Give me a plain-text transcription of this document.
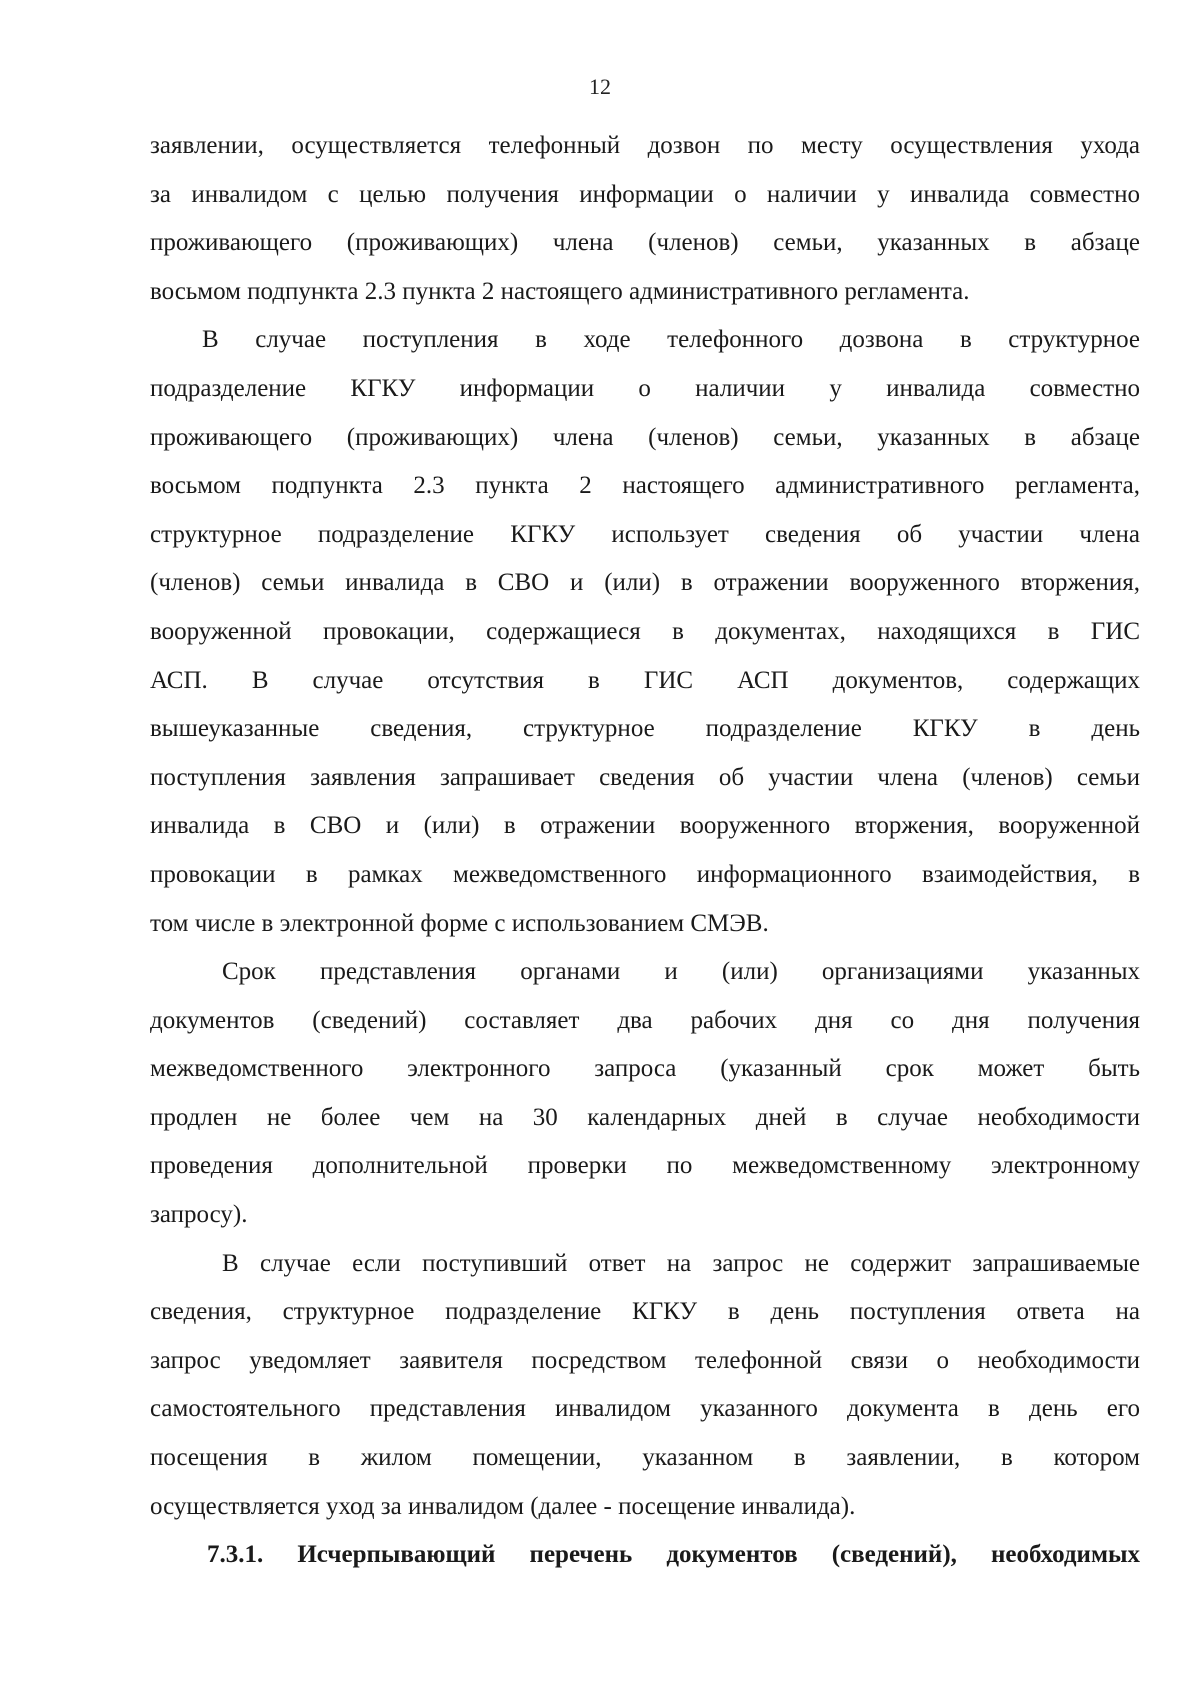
12
заявлении, осуществляется телефонный дозвон по месту осуществления ухода
за инвалидом с целью получения информации о наличии у инвалида совместно
проживающего (проживающих) члена (членов) семьи, указанных в абзаце
восьмом подпункта 2.3 пункта 2 настоящего административного регламента.
В случае поступления в ходе телефонного дозвона в структурное
подразделение КГКУ информации о наличии у инвалида совместно
проживающего (проживающих) члена (членов) семьи, указанных в абзаце
восьмом подпункта 2.3 пункта 2 настоящего административного регламента,
структурное подразделение КГКУ использует сведения об участии члена
(членов) семьи инвалида в СВО и (или) в отражении вооруженного вторжения,
вооруженной провокации, содержащиеся в документах, находящихся в ГИС
АСП. В случае отсутствия в ГИС АСП документов, содержащих
вышеуказанные сведения, структурное подразделение КГКУ в день
поступления заявления запрашивает сведения об участии члена (членов) семьи
инвалида в СВО и (или) в отражении вооруженного вторжения, вооруженной
провокации в рамках межведомственного информационного взаимодействия, в
том числе в электронной форме с использованием СМЭВ.
Срок представления органами и (или) организациями указанных
документов (сведений) составляет два рабочих дня со дня получения
межведомственного электронного запроса (указанный срок может быть
продлен не более чем на 30 календарных дней в случае необходимости
проведения дополнительной проверки по межведомственному электронному
запросу).
В случае если поступивший ответ на запрос не содержит запрашиваемые
сведения, структурное подразделение КГКУ в день поступления ответа на
запрос уведомляет заявителя посредством телефонной связи о необходимости
самостоятельного представления инвалидом указанного документа в день его
посещения в жилом помещении, указанном в заявлении, в котором
осуществляется уход за инвалидом (далее - посещение инвалида).
7.3.1. Исчерпывающий перечень документов (сведений), необходимых
